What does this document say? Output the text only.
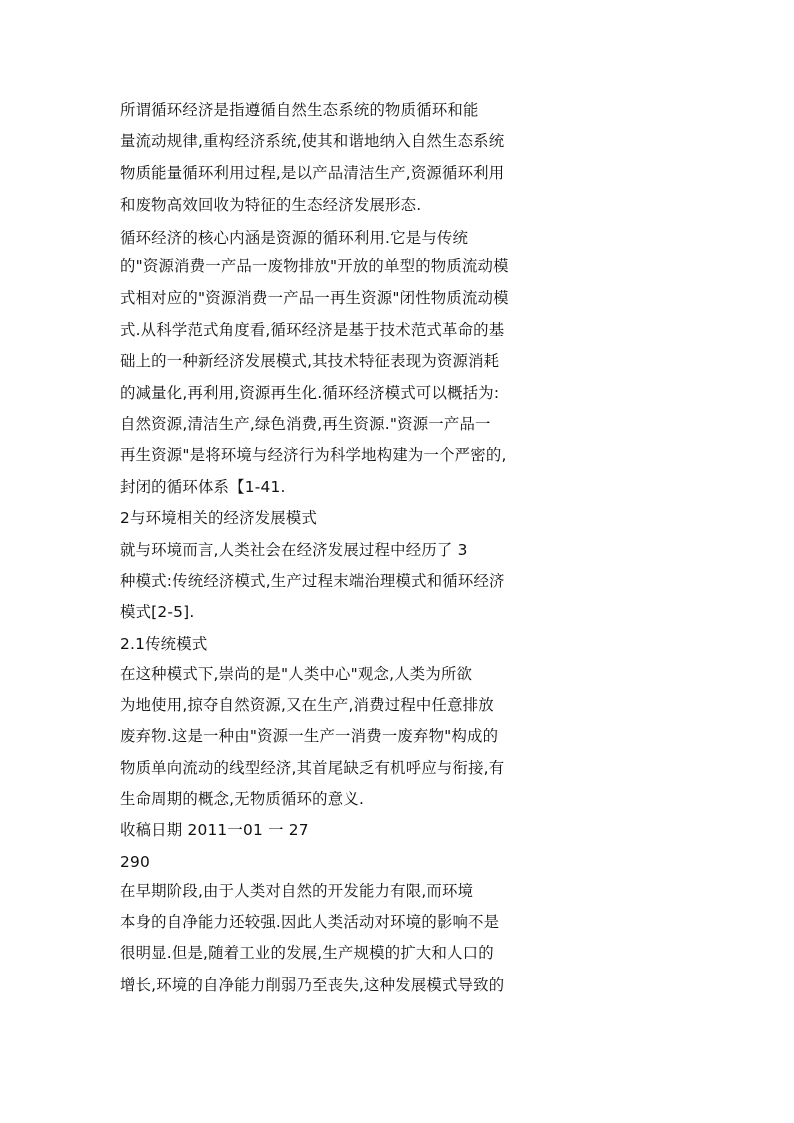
所谓循环经济是指遵循自然生态系统的物质循环和能
量流动规律,重构经济系统,使其和谐地纳入自然生态系统
物质能量循环利用过程,是以产品清洁生产,资源循环利用
和废物高效回收为特征的生态经济发展形态.
循环经济的核心内涵是资源的循环利用.它是与传统
的"资源消费一产品一废物排放"开放的单型的物质流动模
式相对应的"资源消费一产品一再生资源"闭性物质流动模
式.从科学范式角度看,循环经济是基于技术范式革命的基
础上的一种新经济发展模式,其技术特征表现为资源消耗
的减量化,再利用,资源再生化.循环经济模式可以概括为:
自然资源,清洁生产,绿色消费,再生资源."资源一产品一
再生资源"是将环境与经济行为科学地构建为一个严密的,
封闭的循环体系【1-41.
2与环境相关的经济发展模式
就与环境而言,人类社会在经济发展过程中经历了 3
种模式:传统经济模式,生产过程末端治理模式和循环经济
模式[2-5].
2.1传统模式
在这种模式下,崇尚的是"人类中心"观念,人类为所欲
为地使用,掠夺自然资源,又在生产,消费过程中任意排放
废弃物.这是一种由"资源一生产一消费一废弃物"构成的
物质单向流动的线型经济,其首尾缺乏有机呼应与衔接,有
生命周期的概念,无物质循环的意义.
收稿日期 2011一01 一 27
290
在早期阶段,由于人类对自然的开发能力有限,而环境
本身的自净能力还较强.因此人类活动对环境的影响不是
很明显.但是,随着工业的发展,生产规模的扩大和人口的
增长,环境的自净能力削弱乃至丧失,这种发展模式导致的
